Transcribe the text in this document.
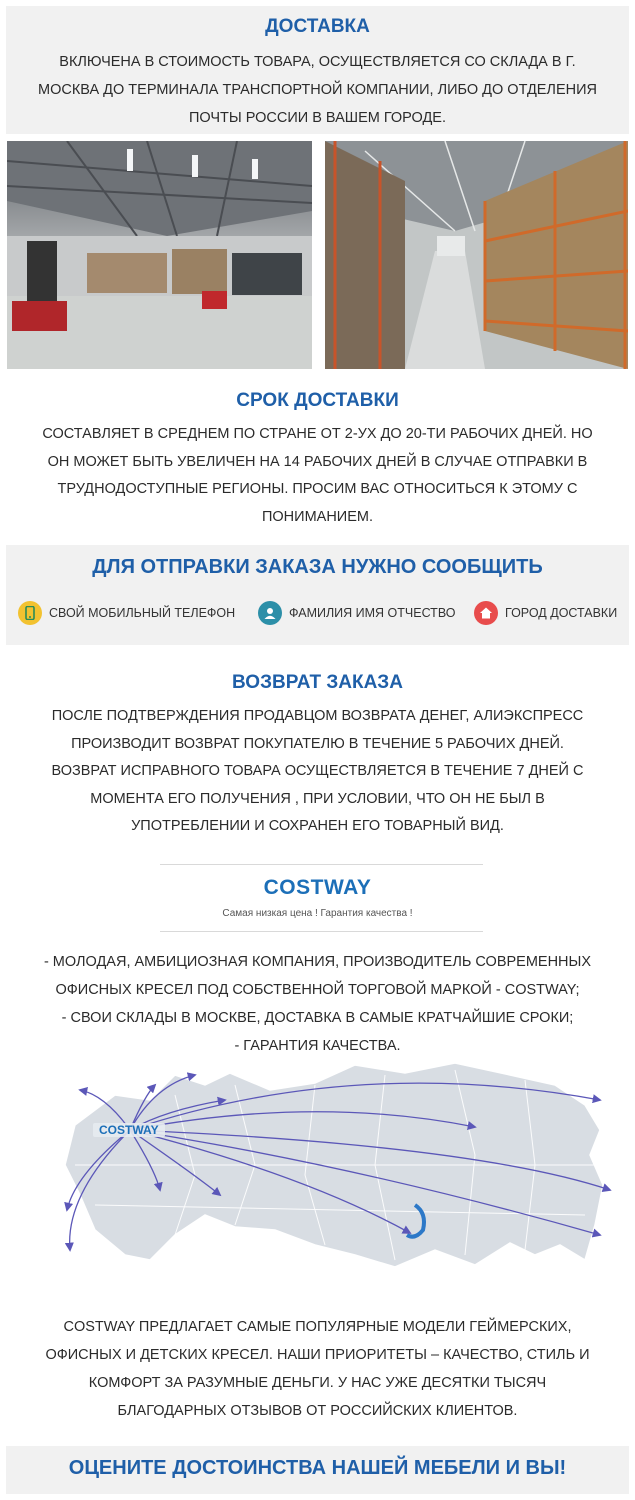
ДОСТАВКА
ВКЛЮЧЕНА В СТОИМОСТЬ ТОВАРА, ОСУЩЕСТВЛЯЕТСЯ СО СКЛАДА В Г.
МОСКВА ДО ТЕРМИНАЛА ТРАНСПОРТНОЙ КОМПАНИИ, ЛИБО ДО ОТДЕЛЕНИЯ
ПОЧТЫ РОССИИ В ВАШЕМ ГОРОДЕ.
СРОК ДОСТАВКИ
СОСТАВЛЯЕТ В СРЕДНЕМ ПО СТРАНЕ ОТ 2-УХ ДО 20-ТИ РАБОЧИХ ДНЕЙ. НО
ОН МОЖЕТ БЫТЬ УВЕЛИЧЕН НА 14 РАБОЧИХ ДНЕЙ В СЛУЧАЕ ОТПРАВКИ В
ТРУДНОДОСТУПНЫЕ РЕГИОНЫ. ПРОСИМ ВАС ОТНОСИТЬСЯ К ЭТОМУ С
ПОНИМАНИЕМ.
ДЛЯ ОТПРАВКИ ЗАКАЗА НУЖНО СООБЩИТЬ
СВОЙ МОБИЛЬНЫЙ ТЕЛЕФОН	ФАМИЛИЯ ИМЯ ОТЧЕСТВО	ГОРОД ДОСТАВКИ
ВОЗВРАТ ЗАКАЗА
ПОСЛЕ ПОДТВЕРЖДЕНИЯ ПРОДАВЦОМ ВОЗВРАТА ДЕНЕГ, АЛИЭКСПРЕСС
ПРОИЗВОДИТ ВОЗВРАТ ПОКУПАТЕЛЮ В ТЕЧЕНИЕ 5 РАБОЧИХ ДНЕЙ.
ВОЗВРАТ ИСПРАВНОГО ТОВАРА ОСУЩЕСТВЛЯЕТСЯ В ТЕЧЕНИЕ 7 ДНЕЙ С
МОМЕНТА ЕГО ПОЛУЧЕНИЯ , ПРИ УСЛОВИИ, ЧТО ОН НЕ БЫЛ В
УПОТРЕБЛЕНИИ И СОХРАНЕН ЕГО ТОВАРНЫЙ ВИД.
COSTWAY
Самая низкая цена ! Гарантия качества !
- МОЛОДАЯ, АМБИЦИОЗНАЯ КОМПАНИЯ, ПРОИЗВОДИТЕЛЬ СОВРЕМЕННЫХ
ОФИСНЫХ КРЕСЕЛ ПОД СОБСТВЕННОЙ ТОРГОВОЙ МАРКОЙ - COSTWAY;
- СВОИ СКЛАДЫ В МОСКВЕ, ДОСТАВКА В САМЫЕ КРАТЧАЙШИЕ СРОКИ;
- ГАРАНТИЯ КАЧЕСТВА.
COSTWAY
COSTWAY ПРЕДЛАГАЕТ САМЫЕ ПОПУЛЯРНЫЕ МОДЕЛИ ГЕЙМЕРСКИХ,
ОФИСНЫХ И ДЕТСКИХ КРЕСЕЛ. НАШИ ПРИОРИТЕТЫ – КАЧЕСТВО, СТИЛЬ И
КОМФОРТ ЗА РАЗУМНЫЕ ДЕНЬГИ. У НАС УЖЕ ДЕСЯТКИ ТЫСЯЧ
БЛАГОДАРНЫХ ОТЗЫВОВ ОТ РОССИЙСКИХ КЛИЕНТОВ.
ОЦЕНИТЕ ДОСТОИНСТВА НАШЕЙ МЕБЕЛИ И ВЫ!
